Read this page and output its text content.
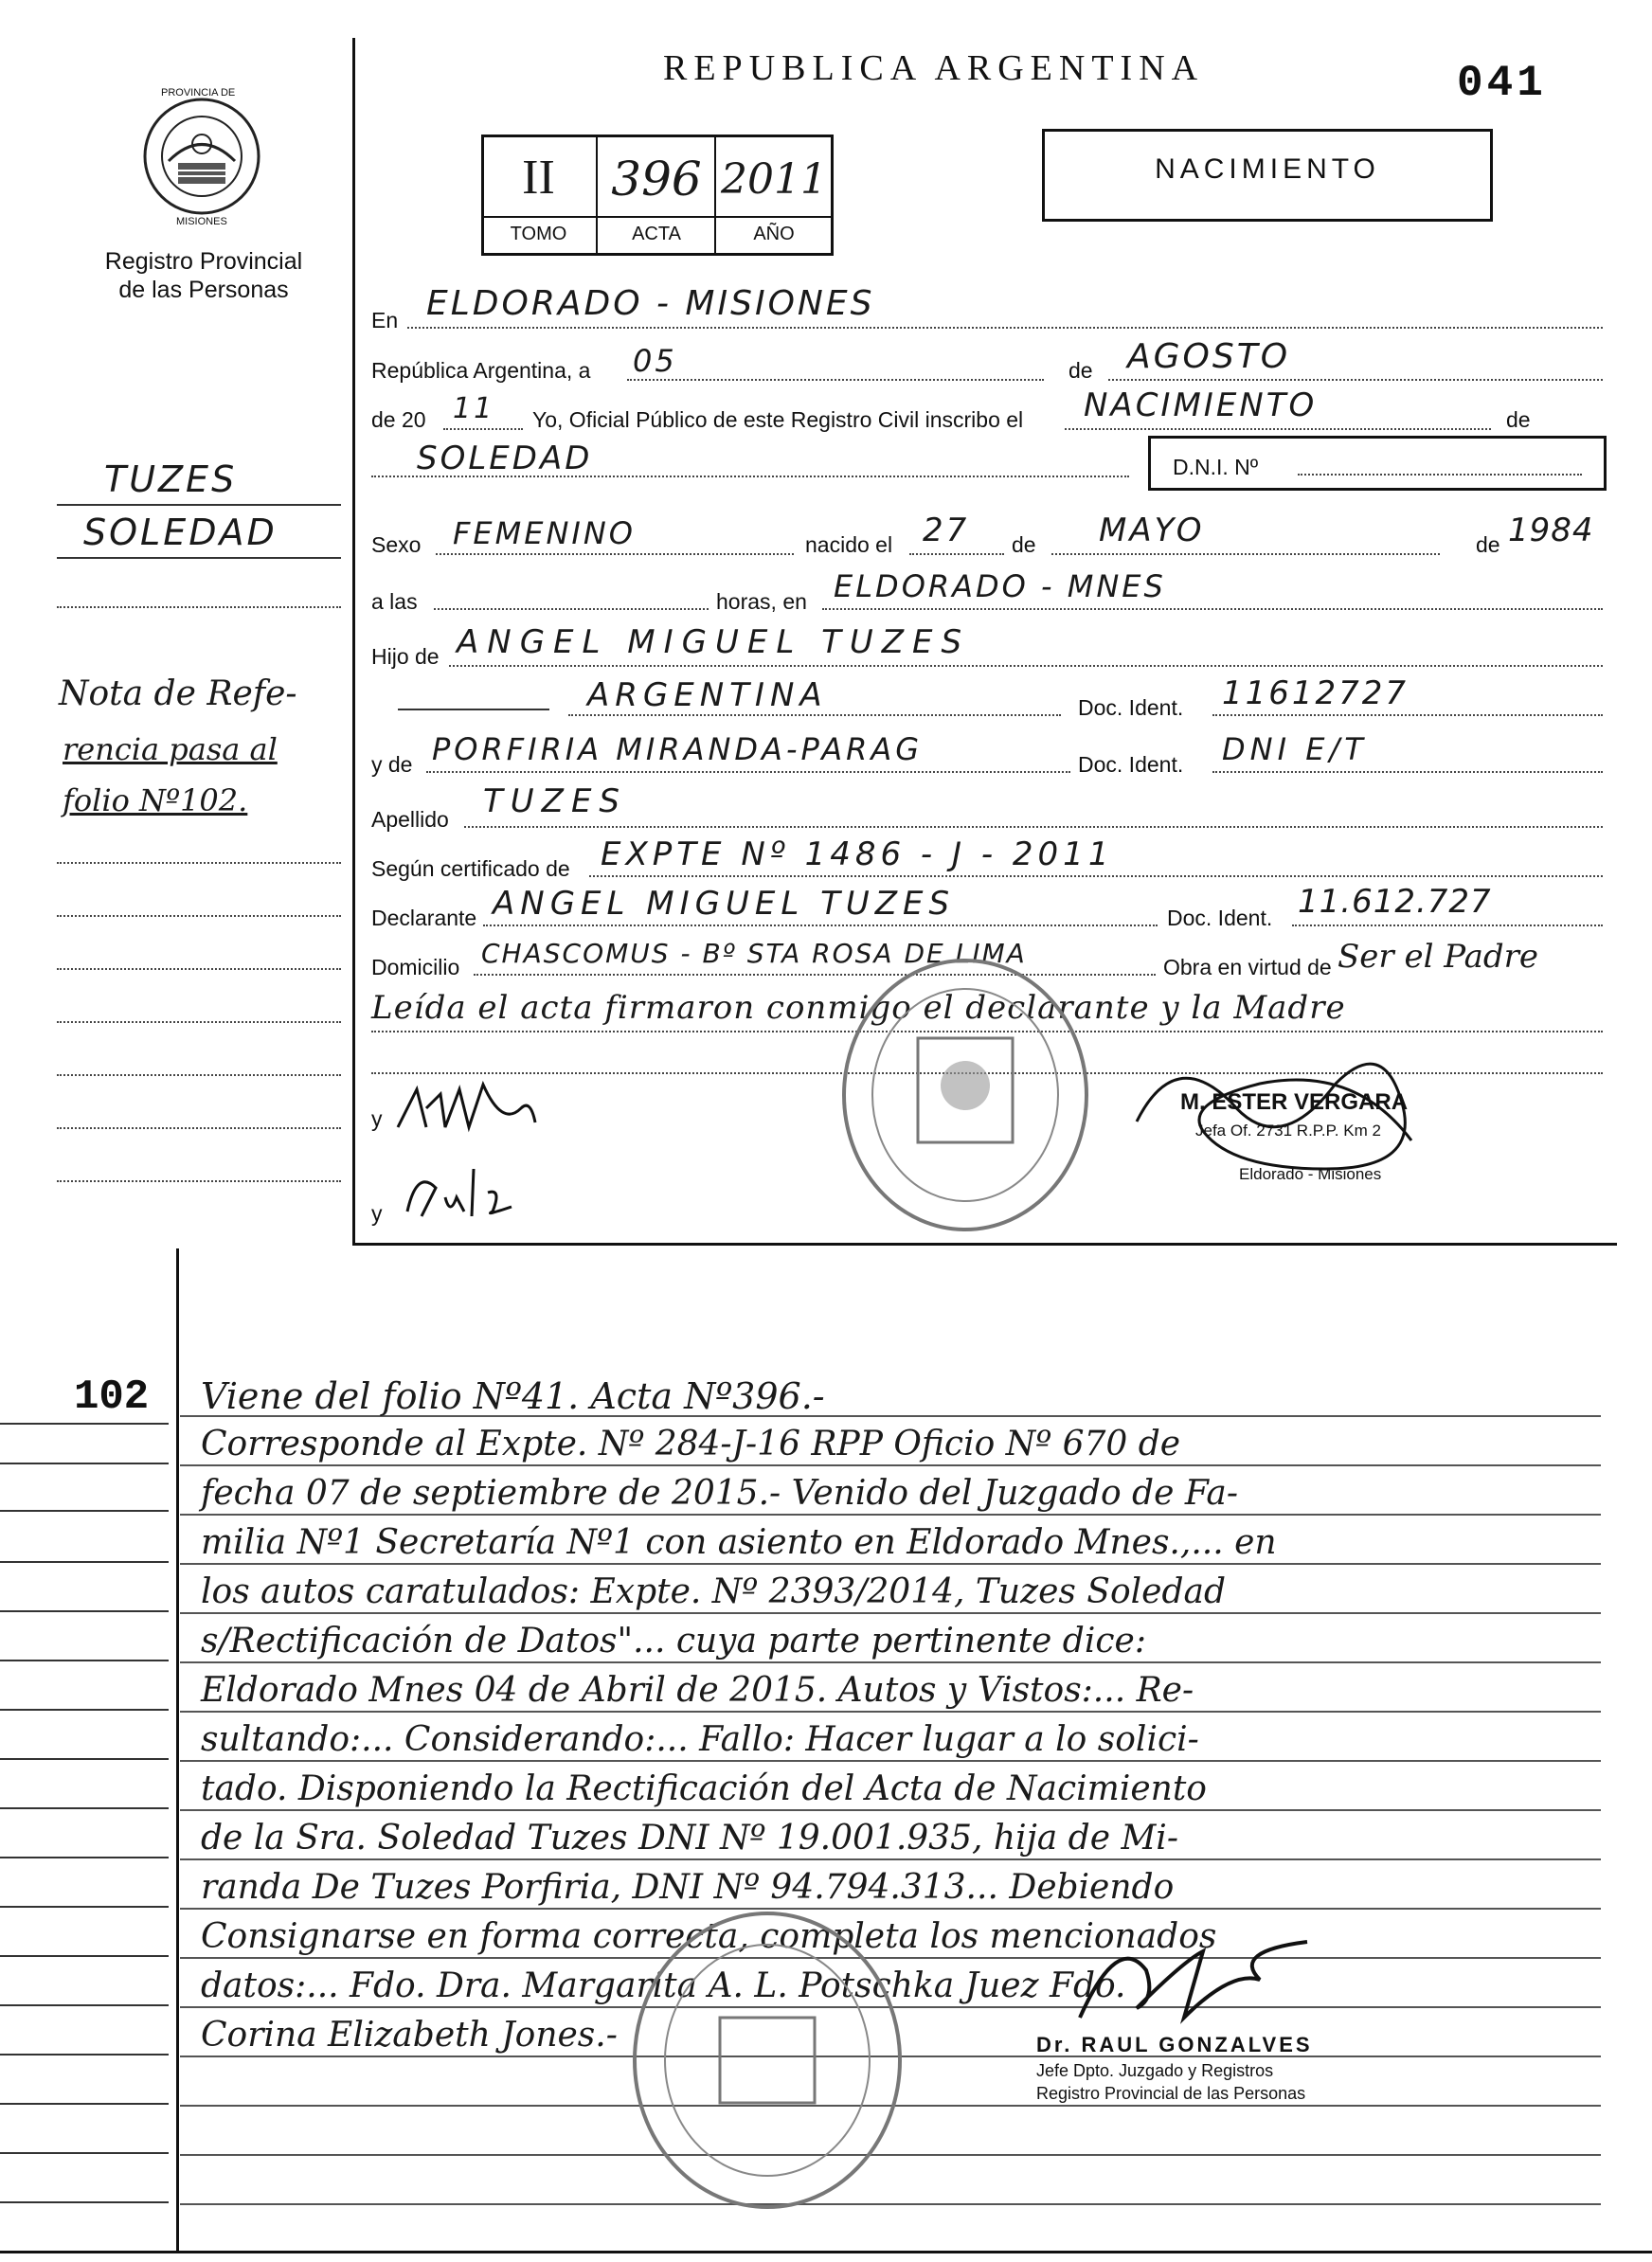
PROVINCIA DE
MISIONES
Registro Provincial
de las Personas
REPUBLICA ARGENTINA	041
II	396 2011
TOMO	ACTA	AÑO
NACIMIENTO
TUZES
SOLEDAD
Nota de Refe-
rencia pasa al
folio Nº102.
En ELDORADO - MISIONES
República Argentina, a 05	de AGOSTO
de 20 11 Yo, Oficial Público de este Registro Civil inscribo el NACIMIENTO	de
SOLEDAD	D.N.I. Nº
Sexo FEMENINO	nacido el 27 de MAYO	de 1984
a las	horas, en ELDORADO - MNES
Hijo de ANGEL MIGUEL TUZES
ARGENTINA	Doc. Ident. 11612727
y de PORFIRIA MIRANDA-PARAG	Doc. Ident. DNI E/T
Apellido TUZES
Según certificado de EXPTE Nº 1486 - J - 2011
Declarante ANGEL MIGUEL TUZES	Doc. Ident. 11.612.727
Domicilio CHASCOMUS - Bº STA ROSA DE LIMA	Obra en virtud de Ser el Padre
Leída el acta firmaron conmigo el declarante y la Madre
y
y
M. ESTER VERGARA
Jefa Of. 2731 R.P.P. Km 2
Eldorado - Misiones
102 Viene del folio Nº41. Acta Nº396.-
Corresponde al Expte. Nº 284-J-16 RPP Oficio Nº 670 de
fecha 07 de septiembre de 2015.- Venido del Juzgado de Fa-
milia Nº1 Secretaría Nº1 con asiento en Eldorado Mnes.,... en
los autos caratulados: Expte. Nº 2393/2014, Tuzes Soledad
s/Rectificación de Datos"... cuya parte pertinente dice:
Eldorado Mnes 04 de Abril de 2015. Autos y Vistos:... Re-
sultando:... Considerando:... Fallo: Hacer lugar a lo solici-
tado. Disponiendo la Rectificación del Acta de Nacimiento
de la Sra. Soledad Tuzes DNI Nº 19.001.935, hija de Mi-
randa De Tuzes Porfiria, DNI Nº 94.794.313... Debiendo
Consignarse en forma correcta, completa los mencionados
datos:... Fdo. Dra. Margarita A. L. Potschka Juez Fdo.
Corina Elizabeth Jones.-	Dr. RAUL GONZALVES
Jefe Dpto. Juzgado y Registros
Registro Provincial de las Personas
